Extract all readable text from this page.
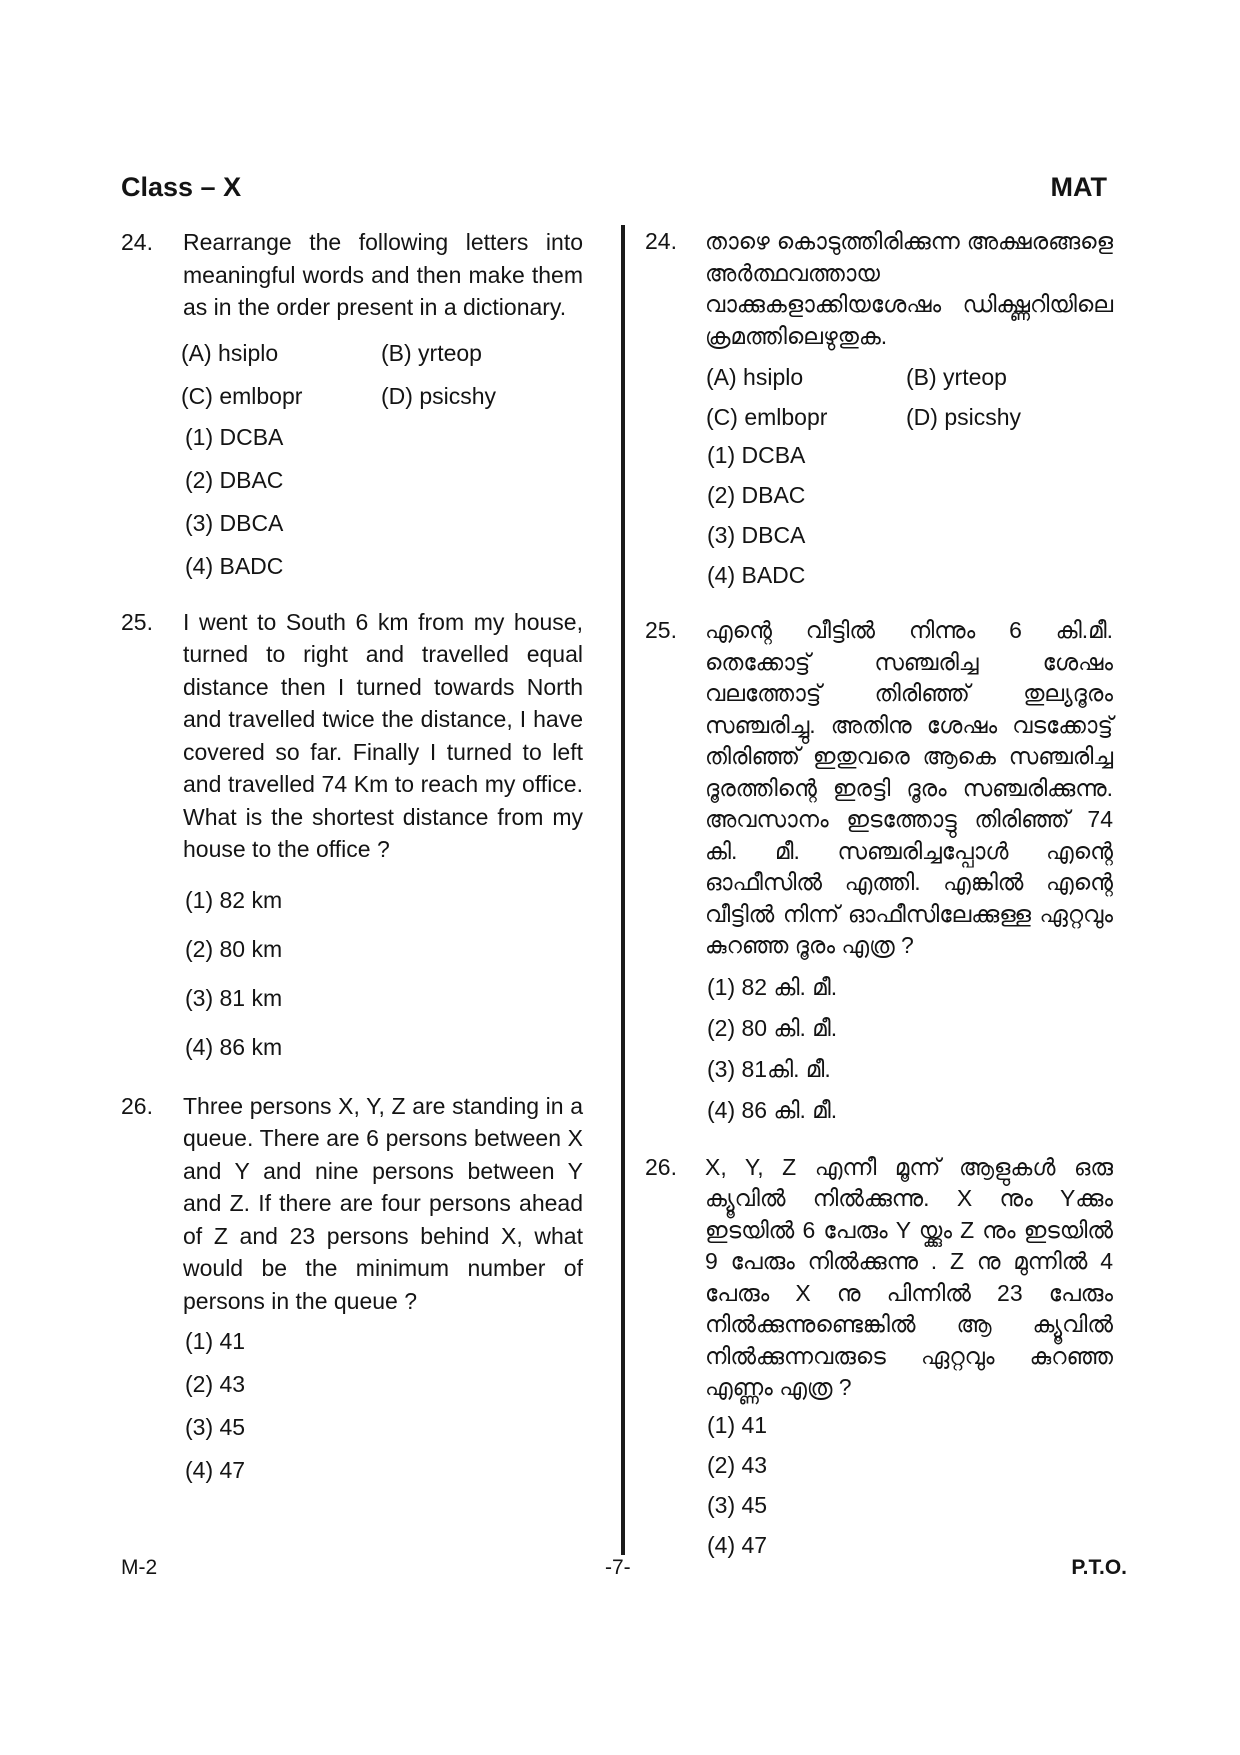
Class – X	MAT
24. Rearrange the following letters into meaningful words and then make them as in the order present in a dictionary.
(A) hsiplo	(B) yrteop
(C) emlbopr	(D) psicshy
(1) DCBA
(2) DBAC
(3) DBCA
(4) BADC
25. I went to South 6 km from my house, turned to right and travelled equal distance then I turned towards North and travelled twice the distance, I have covered so far. Finally I turned to left and travelled 74 Km to reach my office. What is the shortest distance from my house to the office ?
(1) 82 km
(2) 80 km
(3) 81 km
(4) 86 km
26. Three persons X, Y, Z are standing in a queue. There are 6 persons between X and Y and nine persons between Y and Z. If there are four persons ahead of Z and 23 persons behind X, what would be the minimum number of persons in the queue ?
(1) 41
(2) 43
(3) 45
(4) 47
24. താഴെ കൊടുത്തിരിക്കുന്ന അക്ഷരങ്ങളെ അർത്ഥവത്തായ വാക്കുകളാക്കിയശേഷം ഡിക്ഷ്ണറിയിലെ ക്രമത്തിലെഴുതുക.
(A) hsiplo	(B) yrteop
(C) emlbopr	(D) psicshy
(1) DCBA
(2) DBAC
(3) DBCA
(4) BADC
25. എന്റെ വീട്ടിൽ നിന്നും 6 കി.മീ. തെക്കോട്ട് സഞ്ചരിച്ച ശേഷം വലത്തോട്ട് തിരിഞ്ഞ് തുല്യദൂരം സഞ്ചരിച്ചു. അതിനു ശേഷം വടക്കോട്ട് തിരിഞ്ഞ് ഇതുവരെ ആകെ സഞ്ചരിച്ച ദൂരത്തിന്റെ ഇരട്ടി ദൂരം സഞ്ചരിക്കുന്നു. അവസാനം ഇടത്തോട്ടു തിരിഞ്ഞ് 74 കി. മീ. സഞ്ചരിച്ചപ്പോൾ എന്റെ ഓഫീസിൽ എത്തി. എങ്കിൽ എന്റെ വീട്ടിൽ നിന്ന് ഓഫീസിലേക്കുള്ള ഏറ്റവും കുറഞ്ഞ ദൂരം എത്ര ?
(1) 82 കി. മീ.
(2) 80 കി. മീ.
(3) 81കി. മീ.
(4) 86 കി. മീ.
26. X, Y, Z എന്നീ മൂന്ന് ആളുകൾ ഒരു ക്യൂവിൽ നിൽക്കുന്നു. X നും Yക്കും ഇടയിൽ 6 പേരും Y യ്ക്കും Z നും ഇടയിൽ 9 പേരും നിൽക്കുന്നു . Z നു മുന്നിൽ 4 പേരും X നു പിന്നിൽ 23 പേരും നിൽക്കുന്നുണ്ടെങ്കിൽ ആ ക്യൂവിൽ നിൽക്കുന്നവരുടെ ഏറ്റവും കുറഞ്ഞ എണ്ണം എത്ര ?
(1) 41
(2) 43
(3) 45
(4) 47
M-2	-7-	P.T.O.
